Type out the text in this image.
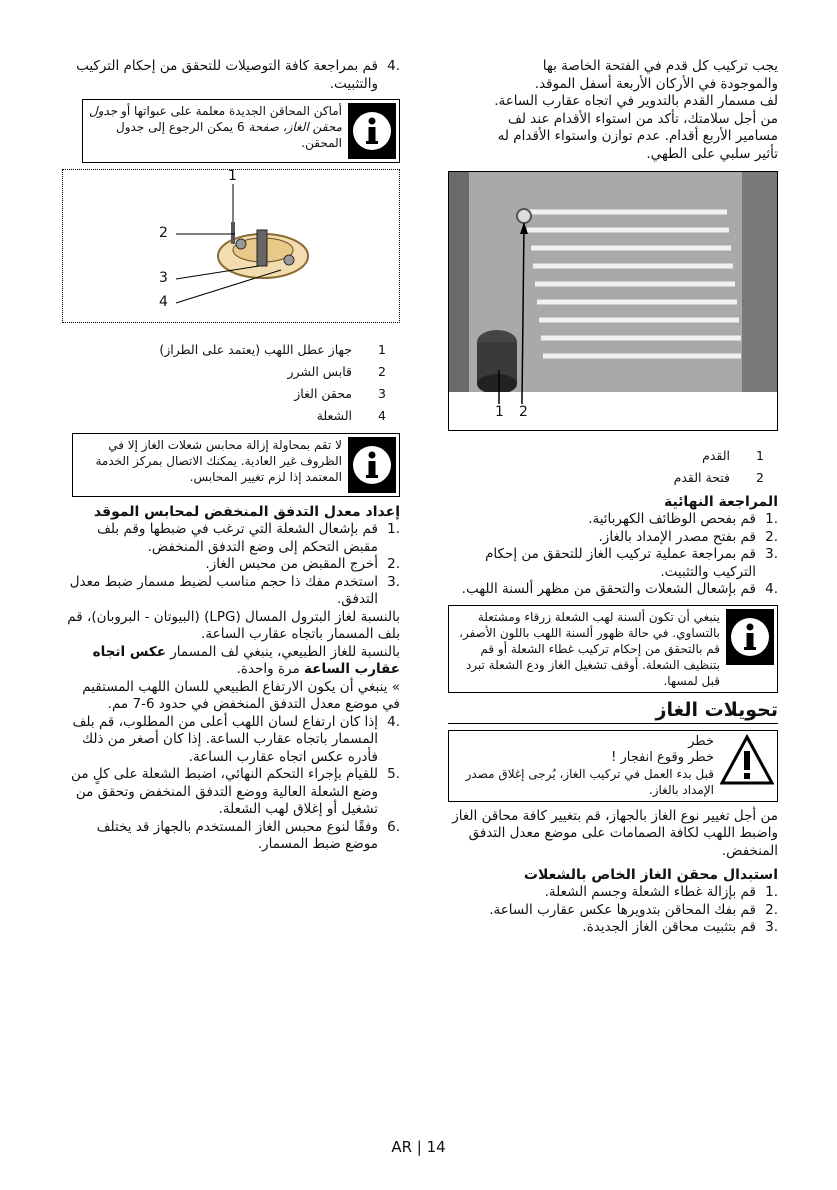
يجب تركيب كل قدم في الفتحة الخاصة بها

والموجودة في الأركان الأربعة أسفل الموقد.

لف مسمار القدم بالتدوير في اتجاه عقارب الساعة.

من أجل سلامتك، تأكد من استواء الأقدام عند لف

مسامير الأربع أقدام. عدم توازن واستواء الأقدام له

تأثير سلبي على الطهي.

1 2
1
القدم
2
فتحة القدم
المراجعة النهائية
.1
قم بفحص الوظائف الكهربائية.
.2
قم بفتح مصدر الإمداد بالغاز.
.3
قم بمراجعة عملية تركيب الغاز للتحقق من إحكام التركيب والتثبيت.
.4
قم بإشعال الشعلات والتحقق من مظهر ألسنة اللهب.
ينبغي أن تكون ألسنة لهب الشعلة زرقاء ومشتعلة بالتساوي. في حالة ظهور ألسنة اللهب باللون الأصفر، قم بالتحقق من إحكام تركيب غطاء الشعلة أو قم بتنظيف الشعلة. أوقف تشغيل الغاز ودع الشعلة تبرد قبل لمسها.
تحويلات الغاز
خطر
خطر وقوع انفجار !
قبل بدء العمل في تركيب الغاز، يُرجى إغلاق مصدر الإمداد بالغاز.

من أجل تغيير نوع الغاز بالجهاز، قم بتغيير كافة محاقن الغاز واضبط اللهب لكافة الصمامات على موضع معدل التدفق المنخفض.

استبدال محقن الغاز الخاص بالشعلات
.1
قم بإزالة غطاء الشعلة وجسم الشعلة.
.2
قم بفك المحاقن بتدويرها عكس عقارب الساعة.
.3
قم بتثبيت محاقن الغاز الجديدة.
.4
قم بمراجعة كافة التوصيلات للتحقق من إحكام التركيب والتثبيت.
أماكن المحاقن الجديدة معلمة على عبواتها أو جدول محقن الغاز، صفحة 6 يمكن الرجوع إلى جدول المحقن.
1
2
3
4
1
جهاز عطل اللهب (يعتمد على الطراز)
2
قابس الشرر
3
محقن الغاز
4
الشعلة
لا تقم بمحاولة إزالة محابس شعلات الغاز إلا في الظروف غير العادية. يمكنك الاتصال بمركز الخدمة المعتمد إذا لزم تغيير المحابس.
إعداد معدل التدفق المنخفض لمحابس الموقد
.1
قم بإشعال الشعلة التي ترغب في ضبطها وقم بلف مقبض التحكم إلى وضع التدفق المنخفض.
.2
أخرج المقبض من محبس الغاز.
.3
استخدم مفك ذا حجم مناسب لضبط مسمار ضبط معدل التدفق.

بالنسبة لغاز البترول المسال (LPG) (البيوتان - البروبان)، قم بلف المسمار باتجاه عقارب الساعة.

بالنسبة للغاز الطبيعي، ينبغي لف المسمار عكس اتجاه عقارب الساعة مرة واحدة.

» ينبغي أن يكون الارتفاع الطبيعي للسان اللهب المستقيم في موضع معدل التدفق المنخفض في حدود 6-7 مم.

.4
إذا كان ارتفاع لسان اللهب أعلى من المطلوب، قم بلف المسمار باتجاه عقارب الساعة. إذا كان أصغر من ذلك فأدره عكس اتجاه عقارب الساعة.
.5
للقيام بإجراء التحكم النهائي، اضبط الشعلة على كلٍ من وضع الشعلة العالية ووضع التدفق المنخفض وتحقق من تشغيل أو إغلاق لهب الشعلة.
.6
وفقًا لنوع محبس الغاز المستخدم بالجهاز قد يختلف موضع ضبط المسمار.
AR | 14
